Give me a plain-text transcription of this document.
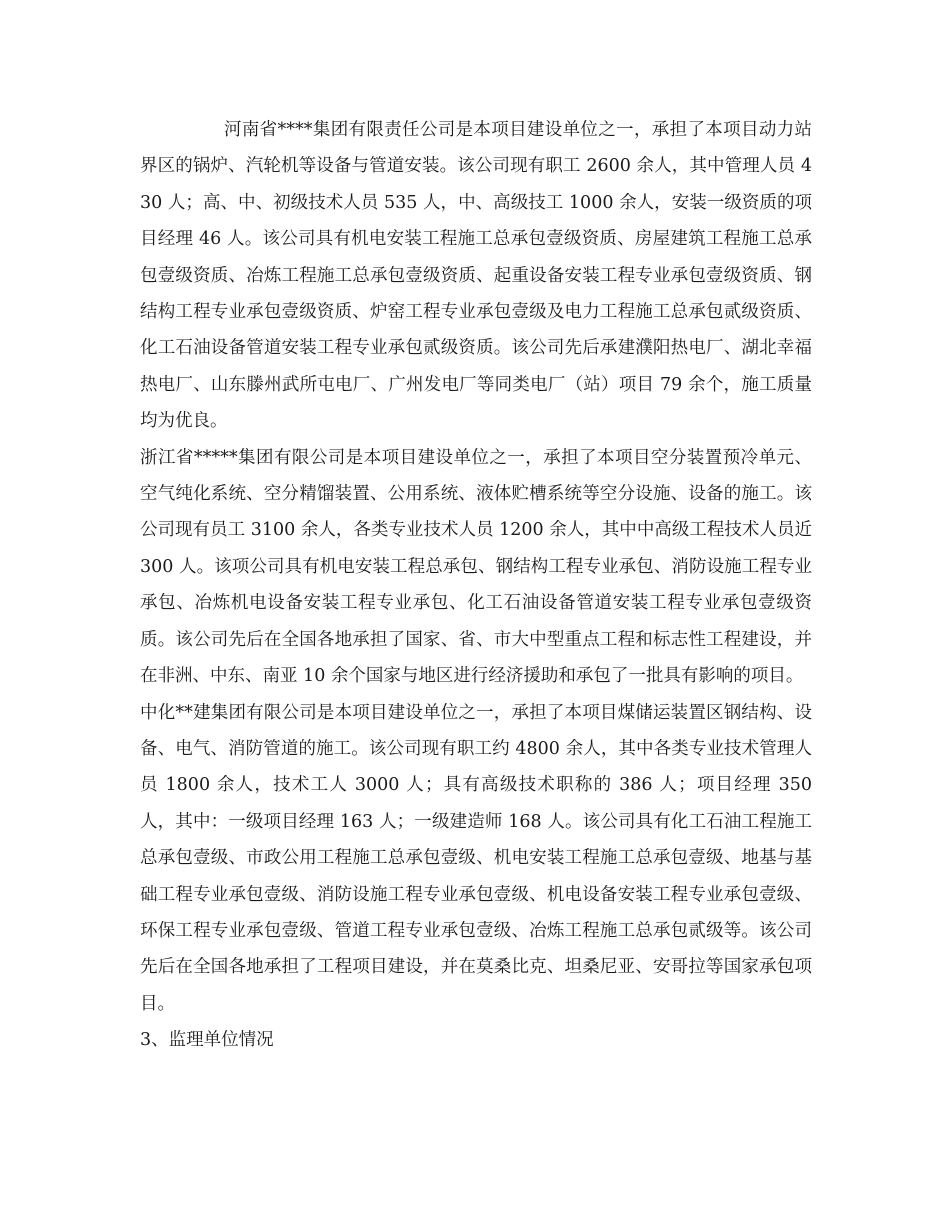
河南省****集团有限责任公司是本项目建设单位之一，承担了本项目动力站界区的锅炉、汽轮机等设备与管道安装。该公司现有职工 2600 余人，其中管理人员 430 人；高、中、初级技术人员 535 人，中、高级技工 1000 余人，安装一级资质的项目经理 46 人。该公司具有机电安装工程施工总承包壹级资质、房屋建筑工程施工总承包壹级资质、冶炼工程施工总承包壹级资质、起重设备安装工程专业承包壹级资质、钢结构工程专业承包壹级资质、炉窑工程专业承包壹级及电力工程施工总承包贰级资质、化工石油设备管道安装工程专业承包贰级资质。该公司先后承建濮阳热电厂、湖北幸福热电厂、山东滕州武所屯电厂、广州发电厂等同类电厂（站）项目 79 余个，施工质量均为优良。

浙江省*****集团有限公司是本项目建设单位之一，承担了本项目空分装置预冷单元、空气纯化系统、空分精馏装置、公用系统、液体贮槽系统等空分设施、设备的施工。该公司现有员工 3100 余人，各类专业技术人员 1200 余人，其中中高级工程技术人员近 300 人。该项公司具有机电安装工程总承包、钢结构工程专业承包、消防设施工程专业承包、冶炼机电设备安装工程专业承包、化工石油设备管道安装工程专业承包壹级资质。该公司先后在全国各地承担了国家、省、市大中型重点工程和标志性工程建设，并在非洲、中东、南亚 10 余个国家与地区进行经济援助和承包了一批具有影响的项目。

中化**建集团有限公司是本项目建设单位之一，承担了本项目煤储运装置区钢结构、设备、电气、消防管道的施工。该公司现有职工约 4800 余人，其中各类专业技术管理人员 1800 余人，技术工人 3000 人；具有高级技术职称的 386 人；项目经理 350 人，其中：一级项目经理 163 人；一级建造师 168 人。该公司具有化工石油工程施工总承包壹级、市政公用工程施工总承包壹级、机电安装工程施工总承包壹级、地基与基础工程专业承包壹级、消防设施工程专业承包壹级、机电设备安装工程专业承包壹级、环保工程专业承包壹级、管道工程专业承包壹级、冶炼工程施工总承包贰级等。该公司先后在全国各地承担了工程项目建设，并在莫桑比克、坦桑尼亚、安哥拉等国家承包项目。

3、监理单位情况
